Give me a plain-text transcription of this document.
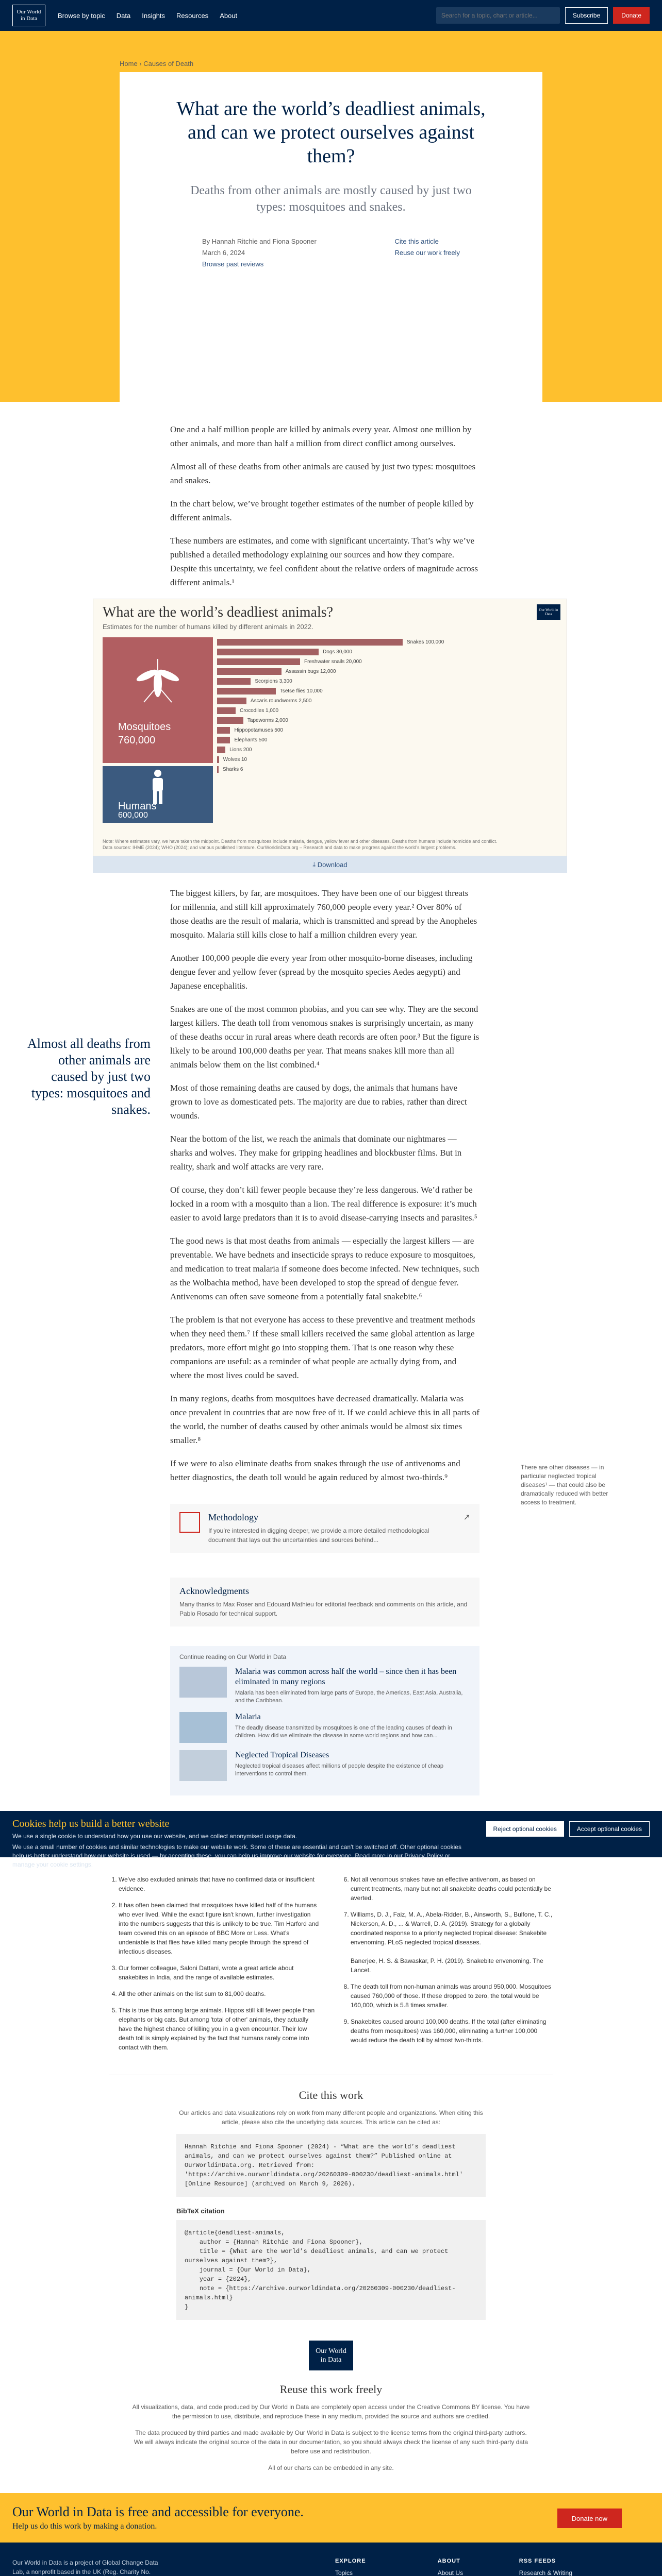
Our World
in Data	Browse by topic Data Insights Resources About
Search for a topic, chart or article...	Subscribe	Donate
Home › Causes of Death
What are the world’s deadliest animals, and can we protect ourselves against them?

Deaths from other animals are mostly caused by just two types: mosquitoes and snakes.

By Hannah Ritchie and Fiona Spooner
March 6, 2024
Browse past reviews
Cite this article
Reuse our work freely

One and a half million people are killed by animals every year. Almost one million by other animals, and more than half a million from direct conflict among ourselves.

Almost all of these deaths from other animals are caused by just two types: mosquitoes and snakes.

In the chart below, we’ve brought together estimates of the number of people killed by different animals.

These numbers are estimates, and come with significant uncertainty. That’s why we’ve published a detailed methodology explaining our sources and how they compare. Despite this uncertainty, we feel confident about the relative orders of magnitude across different animals.¹

What are the world’s deadliest animals?
Estimates for the number of humans killed by different animals in 2022.
Our World in Data
Mosquitoes
760,000
Humans
600,000
Snakes 100,000
Dogs 30,000
Freshwater snails 20,000
Assassin bugs 12,000
Scorpions 3,300
Tsetse flies 10,000
Ascaris roundworms 2,500
Crocodiles 1,000
Tapeworms 2,000
Hippopotamuses 500
Elephants 500
Lions 200
Wolves 10
Sharks 6
Note: Where estimates vary, we have taken the midpoint. Deaths from mosquitoes include malaria, dengue, yellow fever and other diseases. Deaths from humans include homicide and conflict.
Data sources: IHME (2024); WHO (2024); and various published literature. OurWorldinData.org – Research and data to make progress against the world’s largest problems.
⤓ Download
Almost all deaths from other animals are caused by just two types: mosquitoes and snakes.
There are other diseases — in particular neglected tropical diseases¹ — that could also be dramatically reduced with better access to treatment.

The biggest killers, by far, are mosquitoes. They have been one of our biggest threats for millennia, and still kill approximately 760,000 people every year.² Over 80% of those deaths are the result of malaria, which is transmitted and spread by the Anopheles mosquito. Malaria still kills close to half a million children every year.

Another 100,000 people die every year from other mosquito-borne diseases, including dengue fever and yellow fever (spread by the mosquito species Aedes aegypti) and Japanese encephalitis.

Snakes are one of the most common phobias, and you can see why. They are the second largest killers. The death toll from venomous snakes is surprisingly uncertain, as many of these deaths occur in rural areas where death records are often poor.³ But the figure is likely to be around 100,000 deaths per year. That means snakes kill more than all animals below them on the list combined.⁴

Most of those remaining deaths are caused by dogs, the animals that humans have grown to love as domesticated pets. The majority are due to rabies, rather than direct wounds.

Near the bottom of the list, we reach the animals that dominate our nightmares — sharks and wolves. They make for gripping headlines and blockbuster films. But in reality, shark and wolf attacks are very rare.

Of course, they don’t kill fewer people because they’re less dangerous. We’d rather be locked in a room with a mosquito than a lion. The real difference is exposure: it’s much easier to avoid large predators than it is to avoid disease-carrying insects and parasites.⁵

The good news is that most deaths from animals — especially the largest killers — are preventable. We have bednets and insecticide sprays to reduce exposure to mosquitoes, and medication to treat malaria if someone does become infected. New techniques, such as the Wolbachia method, have been developed to stop the spread of dengue fever. Antivenoms can often save someone from a potentially fatal snakebite.⁶

The problem is that not everyone has access to these preventive and treatment methods when they need them.⁷ If these small killers received the same global attention as large predators, more effort might go into stopping them. That is one reason why these companions are useful: as a reminder of what people are actually dying from, and where the most lives could be saved.

In many regions, deaths from mosquitoes have decreased dramatically. Malaria was once prevalent in countries that are now free of it. If we could achieve this in all parts of the world, the number of deaths caused by other animals would be almost six times smaller.⁸

If we were to also eliminate deaths from snakes through the use of antivenoms and better diagnostics, the death toll would be again reduced by almost two-thirds.⁹

Methodology

If you’re interested in digging deeper, we provide a more detailed methodological document that lays out the uncertainties and sources behind...

↗
Acknowledgments

Many thanks to Max Roser and Edouard Mathieu for editorial feedback and comments on this article, and Pablo Rosado for technical support.

Continue reading on Our World in Data
Malaria was common across half the world – since then it has been eliminated in many regions

Malaria has been eliminated from large parts of Europe, the Americas, East Asia, Australia, and the Caribbean.

Malaria

The deadly disease transmitted by mosquitoes is one of the leading causes of death in children. How did we eliminate the disease in some world regions and how can...

Neglected Tropical Diseases

Neglected tropical diseases affect millions of people despite the existence of cheap interventions to control them.

Cookies help us build a better website

We use a single cookie to understand how you use our website, and we collect anonymised usage data.

We use a small number of cookies and similar technologies to make our website work. Some of these are essential and can't be switched off. Other optional cookies help us better understand how our website is used — by accepting these, you can help us improve our website for everyone. Read more in our Privacy Policy or manage your cookie settings.

Reject optional cookies	Accept optional cookies
1. We've also excluded animals that have no confirmed data or insufficient evidence.
2. It has often been claimed that mosquitoes have killed half of the humans who ever lived. While the exact figure isn't known, further investigation into the numbers suggests that this is unlikely to be true. Tim Harford and team covered this on an episode of BBC More or Less. What’s undeniable is that flies have killed many people through the spread of infectious diseases.
3. Our former colleague, Saloni Dattani, wrote a great article about snakebites in India, and the range of available estimates.
4. All the other animals on the list sum to 81,000 deaths.
5. This is true thus among large animals. Hippos still kill fewer people than elephants or big cats. But among 'total of other' animals, they actually have the highest chance of killing you in a given encounter. Their low death toll is simply explained by the fact that humans rarely come into contact with them.
6. Not all venomous snakes have an effective antivenom, as based on current treatments, many but not all snakebite deaths could potentially be averted.
7. Williams, D. J., Faiz, M. A., Abela-Ridder, B., Ainsworth, S., Bulfone, T. C., Nickerson, A. D., ... & Warrell, D. A. (2019). Strategy for a globally coordinated response to a priority neglected tropical disease: Snakebite envenoming. PLoS neglected tropical diseases.

Banerjee, H. S. & Bawaskar, P. H. (2019). Snakebite envenoming. The Lancet.
8. The death toll from non-human animals was around 950,000. Mosquitoes caused 760,000 of those. If these dropped to zero, the total would be 160,000, which is 5.8 times smaller.
9. Snakebites caused around 100,000 deaths. If the total (after eliminating deaths from mosquitoes) was 160,000, eliminating a further 100,000 would reduce the death toll by almost two-thirds.
Cite this work

Our articles and data visualizations rely on work from many different people and organizations. When citing this article, please also cite the underlying data sources. This article can be cited as:

Hannah Ritchie and Fiona Spooner (2024) - “What are the world’s deadliest animals, and can we protect ourselves against them?” Published online at OurWorldinData.org. Retrieved from: 'https://archive.ourworldindata.org/20260309-000230/deadliest-animals.html' [Online Resource] (archived on March 9, 2026).
BibTeX citation
@article{deadliest-animals,
author = {Hannah Ritchie and Fiona Spooner},
title = {What are the world’s deadliest animals, and can we protect ourselves against them?},
journal = {Our World in Data},
year = {2024},
note = {https://archive.ourworldindata.org/20260309-000230/deadliest-animals.html}
}
Our World
in Data
Reuse this work freely

All visualizations, data, and code produced by Our World in Data are completely open access under the Creative Commons BY license. You have the permission to use, distribute, and reproduce these in any medium, provided the source and authors are credited.

The data produced by third parties and made available by Our World in Data is subject to the license terms from the original third-party authors. We will always indicate the original source of the data in our documentation, so you should always check the license of any such third-party data before use and redistribution.

All of our charts can be embedded in any site.

Our World in Data is free and accessible for everyone.

Help us do this work by making a donation.

Donate now
Our World in Data is a project of Global Change Data Lab, a nonprofit based in the UK (Reg. Charity No.
EXPLORE
Topics
ABOUT
About Us
RSS FEEDS
Research & Writing
